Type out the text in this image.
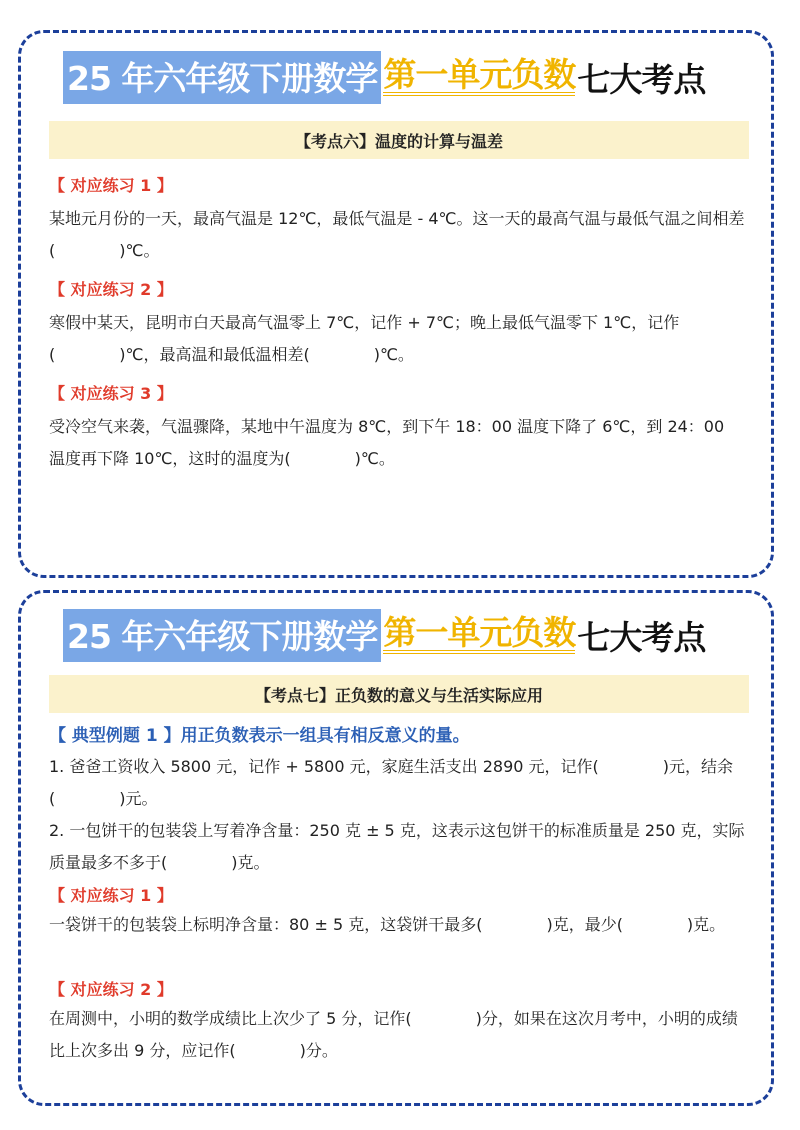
25 年六年级下册数学 第一单元负数 七大考点
【考点六】温度的计算与温差
【 对应练习 1 】
某地元月份的一天，最高气温是 12℃，最低气温是 - 4℃。这一天的最高气温与最低气温之间相差(　　　　)℃。
【 对应练习 2 】
寒假中某天，昆明市白天最高气温零上 7℃，记作 + 7℃；晚上最低气温零下 1℃，记作(　　　　)℃，最高温和最低温相差(　　　　)℃。
【 对应练习 3 】
受冷空气来袭，气温骤降，某地中午温度为 8℃，到下午 18：00 温度下降了 6℃，到 24：00 温度再下降 10℃，这时的温度为(　　　　)℃。
25 年六年级下册数学 第一单元负数 七大考点
【考点七】正负数的意义与生活实际应用
【 典型例题 1 】用正负数表示一组具有相反意义的量。
1. 爸爸工资收入 5800 元，记作 + 5800 元，家庭生活支出 2890 元，记作(　　　　)元，结余(　　　　)元。
2. 一包饼干的包装袋上写着净含量：250 克 ± 5 克，这表示这包饼干的标准质量是 250 克，实际质量最多不多于(　　　　)克。
【 对应练习 1 】
一袋饼干的包装袋上标明净含量：80 ± 5 克，这袋饼干最多(　　　　)克，最少(　　　　)克。
【 对应练习 2 】
在周测中，小明的数学成绩比上次少了 5 分，记作(　　　　)分，如果在这次月考中，小明的成绩比上次多出 9 分，应记作(　　　　)分。
